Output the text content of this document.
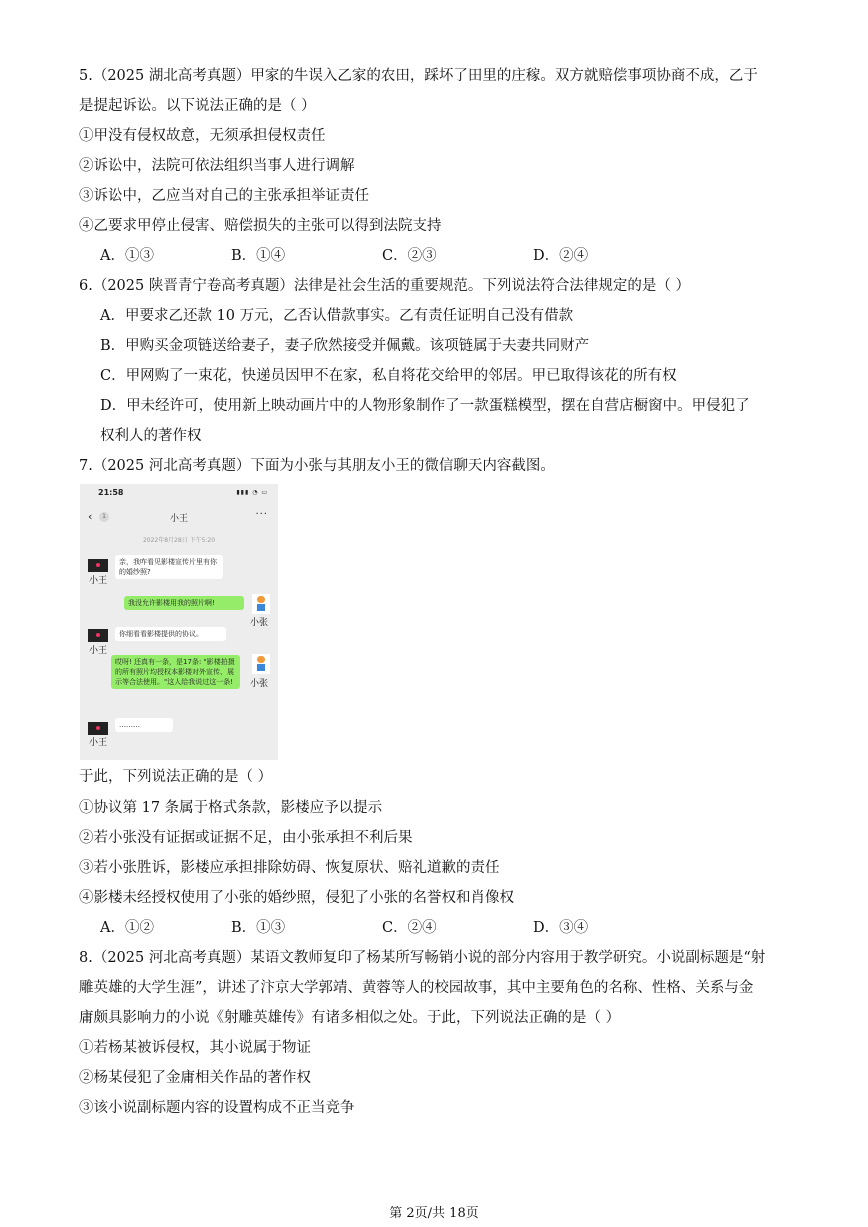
5.（2025 湖北高考真题）甲家的牛误入乙家的农田，踩坏了田里的庄稼。双方就赔偿事项协商不成，乙于
是提起诉讼。以下说法正确的是（ ）
①甲没有侵权故意，无须承担侵权责任
②诉讼中，法院可依法组织当事人进行调解
③诉讼中，乙应当对自己的主张承担举证责任
④乙要求甲停止侵害、赔偿损失的主张可以得到法院支持
A．①③	B．①④	C．②③	D．②④
6.（2025 陕晋青宁卷高考真题）法律是社会生活的重要规范。下列说法符合法律规定的是（ ）
A．甲要求乙还款 10 万元，乙否认借款事实。乙有责任证明自己没有借款
B．甲购买金项链送给妻子，妻子欣然接受并佩戴。该项链属于夫妻共同财产
C．甲网购了一束花，快递员因甲不在家，私自将花交给甲的邻居。甲已取得该花的所有权
D．甲未经许可，使用新上映动画片中的人物形象制作了一款蛋糕模型，摆在自营店橱窗中。甲侵犯了
权利人的著作权
7.（2025 河北高考真题）下面为小张与其朋友小王的微信聊天内容截图。
21:58	▮▮▮ ◔ ▭
‹	1	小王	···
2022年8月28日 下午5:20
小王
亲，我咋看见影楼宣传片里有你的婚纱照?
小张
我没允许影楼用我的照片啊!
小王
你细看看影楼提供的协议。
小张
哎呀! 还真有一条，是17条: "影楼拍摄的所有照片均授权本影楼对外宣传、展示等合法使用。"这人给我说过这一条!
小王
………
于此，下列说法正确的是（ ）
①协议第 17 条属于格式条款，影楼应予以提示
②若小张没有证据或证据不足，由小张承担不利后果
③若小张胜诉，影楼应承担排除妨碍、恢复原状、赔礼道歉的责任
④影楼未经授权使用了小张的婚纱照，侵犯了小张的名誉权和肖像权
A．①②	B．①③	C．②④	D．③④
8.（2025 河北高考真题）某语文教师复印了杨某所写畅销小说的部分内容用于教学研究。小说副标题是“射
雕英雄的大学生涯”，讲述了汴京大学郭靖、黄蓉等人的校园故事，其中主要角色的名称、性格、关系与金
庸颇具影响力的小说《射雕英雄传》有诸多相似之处。于此，下列说法正确的是（ ）
①若杨某被诉侵权，其小说属于物证
②杨某侵犯了金庸相关作品的著作权
③该小说副标题内容的设置构成不正当竞争
第 2页/共 18页
